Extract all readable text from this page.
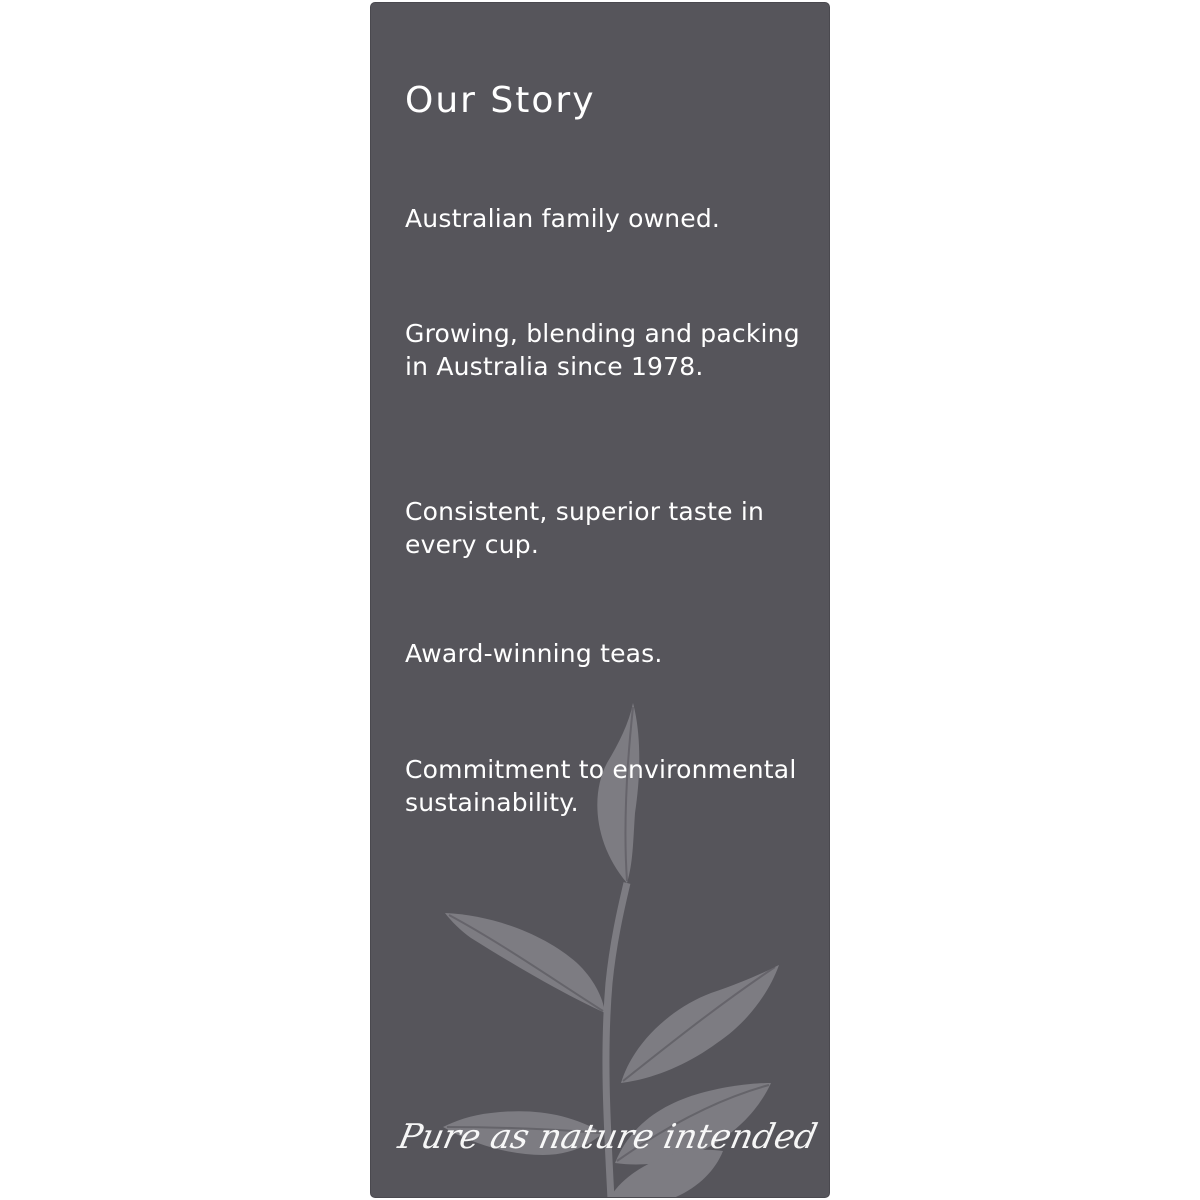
Our Story

Australian family owned.

Growing, blending and packing in Australia since 1978.

Consistent, superior taste in every cup.

Award-winning teas.

Commitment to environmental sustainability.

Pure as nature intended
